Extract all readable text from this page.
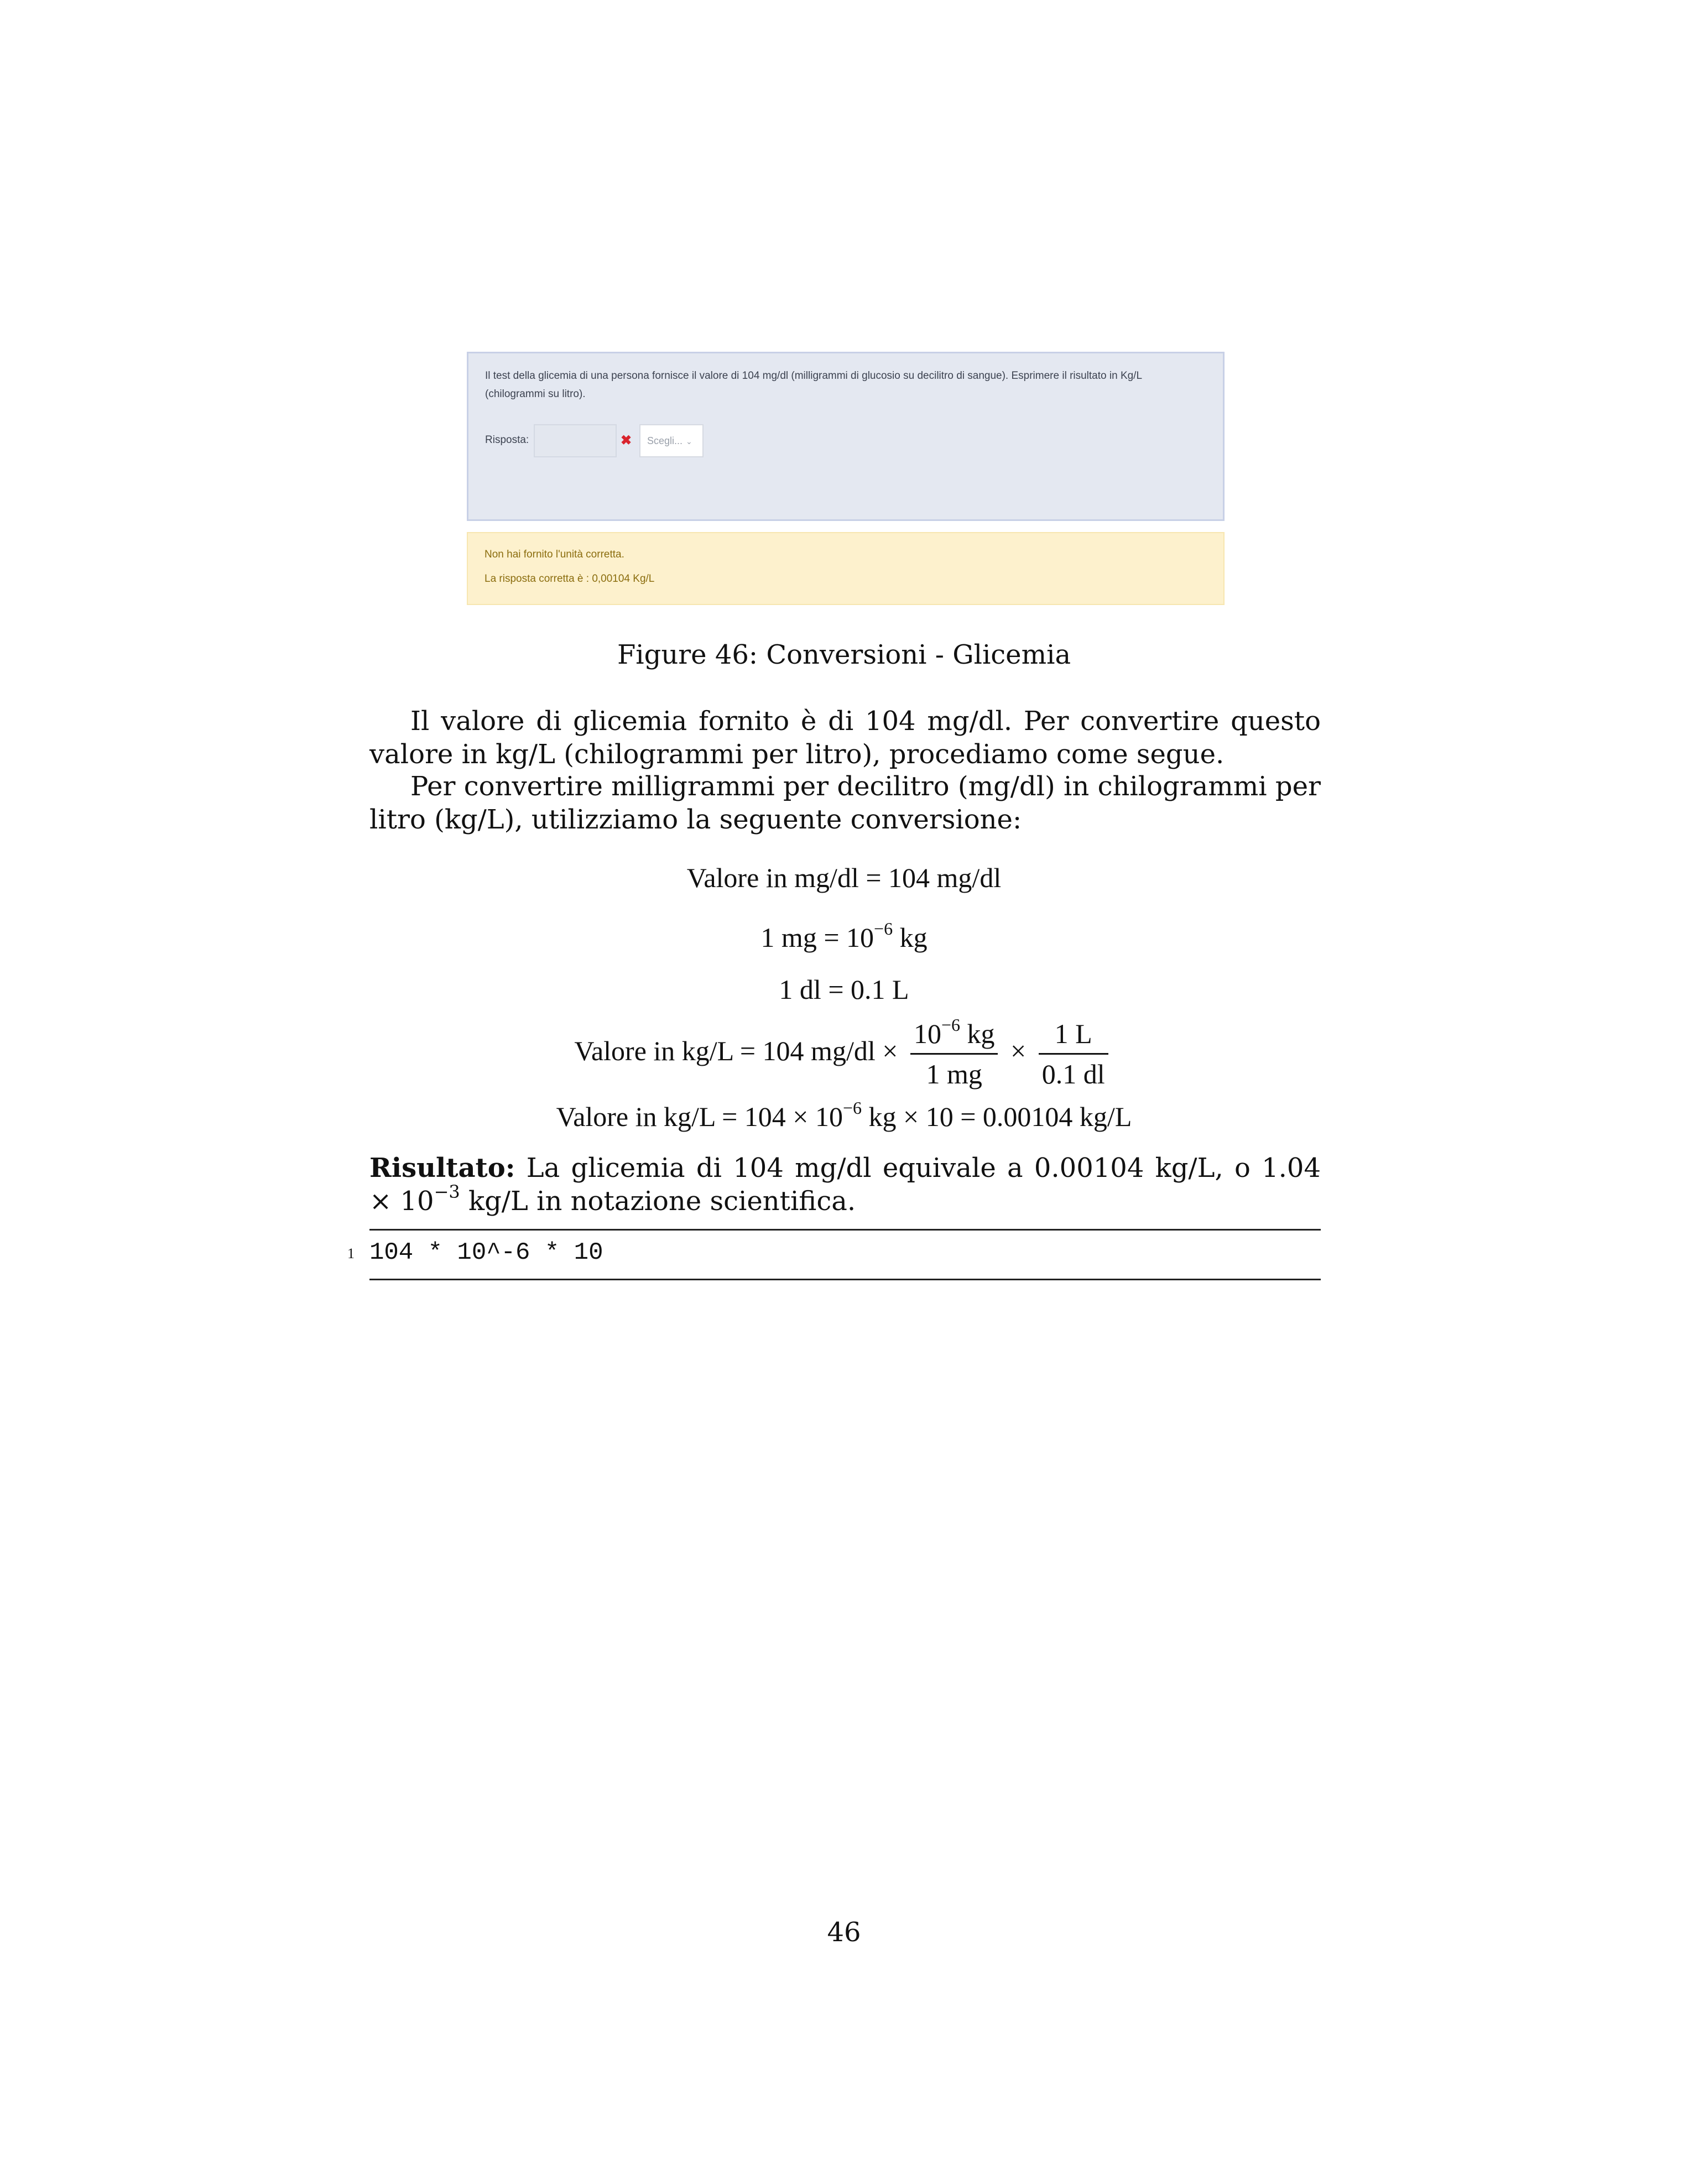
Il test della glicemia di una persona fornisce il valore di 104 mg/dl (milligrammi di glucosio su decilitro di sangue). Esprimere il risultato in Kg/L (chilogrammi su litro).
Risposta:	✖	Scegli... ⌄
Non hai fornito l'unità corretta.
La risposta corretta è : 0,00104 Kg/L
Figure 46: Conversioni - Glicemia
Il valore di glicemia fornito è di 104 mg/dl. Per convertire questo valore in kg/L (chilogrammi per litro), procediamo come segue.
Per convertire milligrammi per decilitro (mg/dl) in chilogrammi per litro (kg/L), utilizziamo la seguente conversione:
Valore in mg/dl = 104 mg/dl
1 mg = $10^{-6}$ kg
1 dl = 0.1 L
Valore in kg/L = 104 $mg/dl \times \frac{10^{-6} kg}{1 mg} \times \frac{1 L}{0.1 dl}$
Valore in $kg/L = 104 \times 10^{-6}$ kg × 10 = 0.00104 kg/L
Risultato: La glicemia di 104 mg/dl equivale a 0.00104 kg/L, o $1.04 \times 10^{-3}$ kg/L in notazione scientifica.
1 104 * 10^-6 * 10
46
